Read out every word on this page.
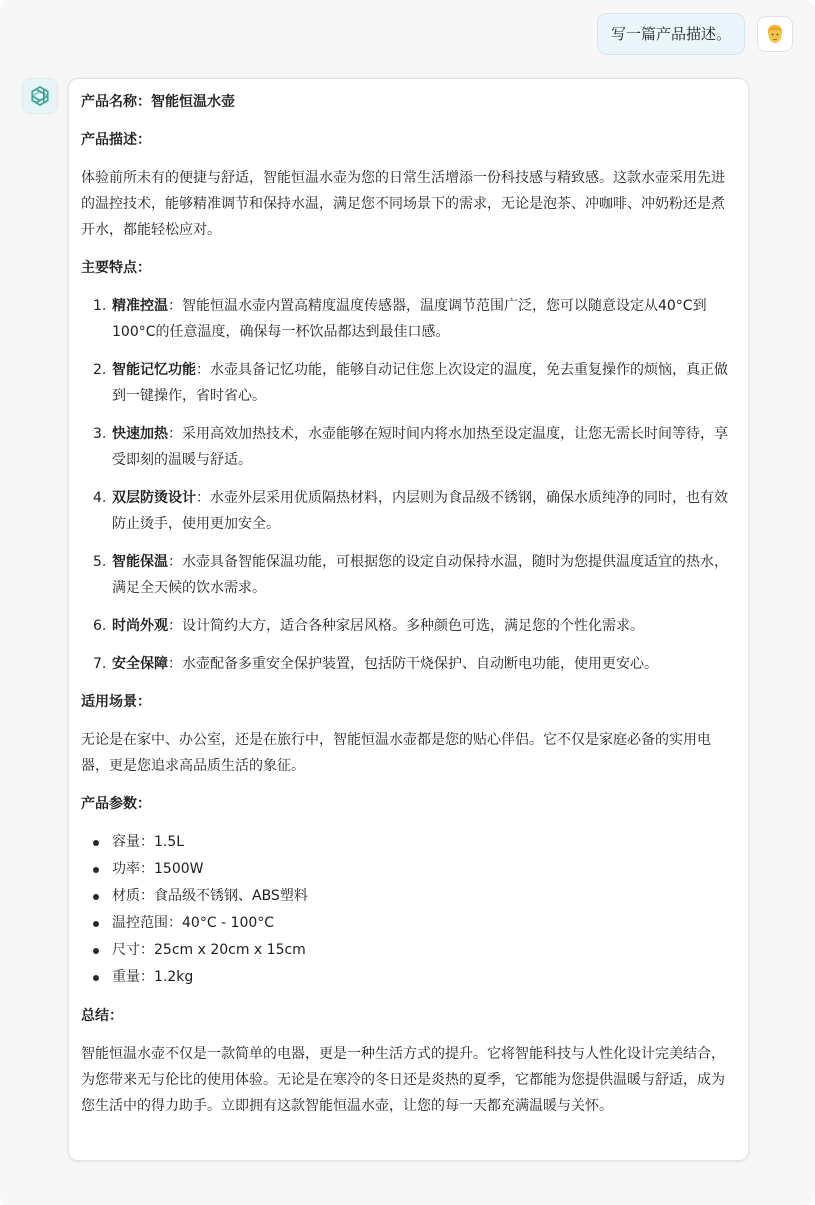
写一篇产品描述。
产品名称：智能恒温水壶
产品描述：
体验前所未有的便捷与舒适，智能恒温水壶为您的日常生活增添一份科技感与精致感。这款水壶采用先进的温控技术，能够精准调节和保持水温，满足您不同场景下的需求，无论是泡茶、冲咖啡、冲奶粉还是煮开水，都能轻松应对。
主要特点：
1. 精准控温：智能恒温水壶内置高精度温度传感器，温度调节范围广泛，您可以随意设定从40°C到100°C的任意温度，确保每一杯饮品都达到最佳口感。
2. 智能记忆功能：水壶具备记忆功能，能够自动记住您上次设定的温度，免去重复操作的烦恼，真正做到一键操作，省时省心。
3. 快速加热：采用高效加热技术，水壶能够在短时间内将水加热至设定温度，让您无需长时间等待，享受即刻的温暖与舒适。
4. 双层防烫设计：水壶外层采用优质隔热材料，内层则为食品级不锈钢，确保水质纯净的同时，也有效防止烫手，使用更加安全。
5. 智能保温：水壶具备智能保温功能，可根据您的设定自动保持水温，随时为您提供温度适宜的热水，满足全天候的饮水需求。
6. 时尚外观：设计简约大方，适合各种家居风格。多种颜色可选，满足您的个性化需求。
7. 安全保障：水壶配备多重安全保护装置，包括防干烧保护、自动断电功能，使用更安心。
适用场景：
无论是在家中、办公室，还是在旅行中，智能恒温水壶都是您的贴心伴侣。它不仅是家庭必备的实用电器，更是您追求高品质生活的象征。
产品参数：
容量：1.5L
功率：1500W
材质：食品级不锈钢、ABS塑料
温控范围：40°C - 100°C
尺寸：25cm x 20cm x 15cm
重量：1.2kg
总结：
智能恒温水壶不仅是一款简单的电器，更是一种生活方式的提升。它将智能科技与人性化设计完美结合，为您带来无与伦比的使用体验。无论是在寒冷的冬日还是炎热的夏季，它都能为您提供温暖与舒适，成为您生活中的得力助手。立即拥有这款智能恒温水壶，让您的每一天都充满温暖与关怀。
